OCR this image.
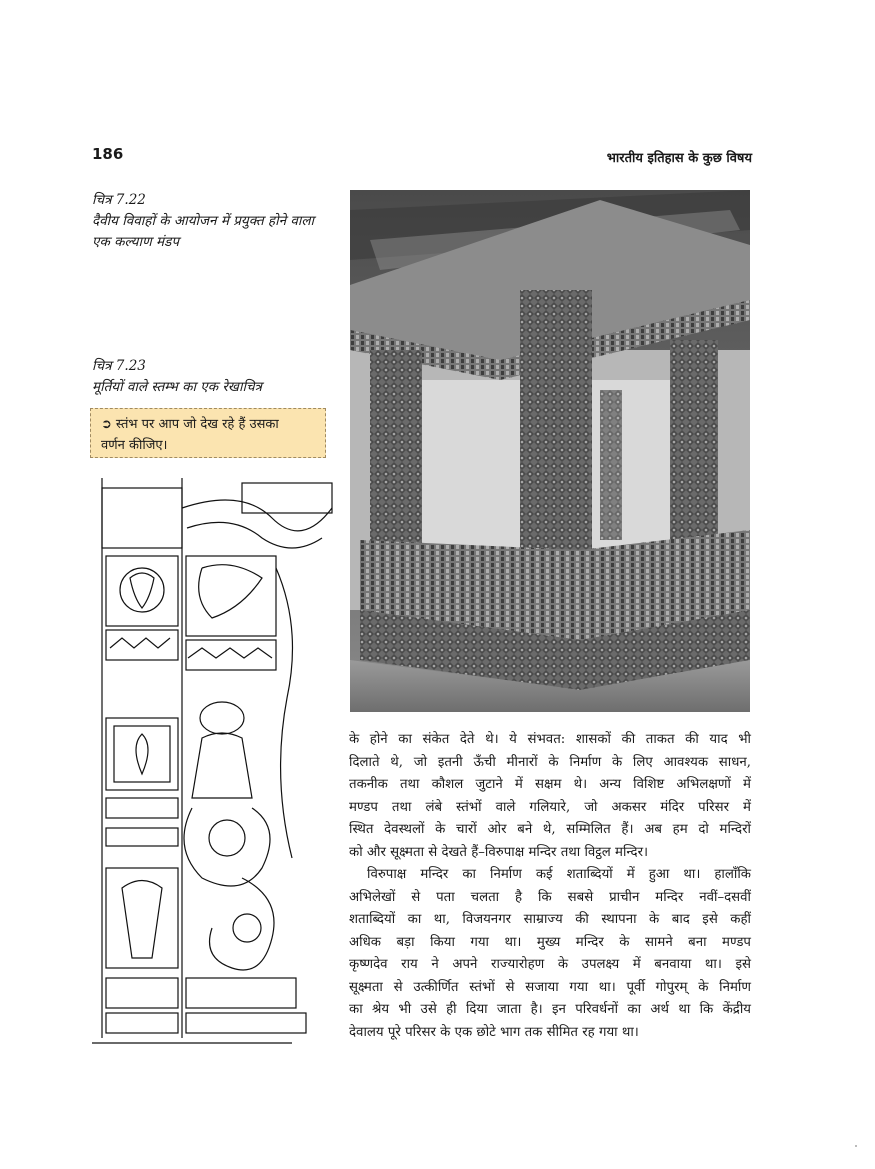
186	भारतीय इतिहास के कुछ विषय
चित्र 7.22
दैवीय विवाहों के आयोजन में प्रयुक्त होने वाला
एक कल्याण मंडप
चित्र 7.23
मूर्तियों वाले स्तम्भ का एक रेखाचित्र
➲ स्तंभ पर आप जो देख रहे हैं उसका
वर्णन कीजिए।

के होने का संकेत देते थे। ये संभवत: शासकों की ताकत की याद भी
दिलाते थे, जो इतनी ऊँची मीनारों के निर्माण के लिए आवश्यक साधन,
तकनीक तथा कौशल जुटाने में सक्षम थे। अन्य विशिष्ट अभिलक्षणों में
मण्डप तथा लंबे स्तंभों वाले गलियारे, जो अकसर मंदिर परिसर में
स्थित देवस्थलों के चारों ओर बने थे, सम्मिलित हैं। अब हम दो मन्दिरों
को और सूक्ष्मता से देखते हैं–विरुपाक्ष मन्दिर तथा विट्ठल मन्दिर।

विरुपाक्ष मन्दिर का निर्माण कई शताब्दियों में हुआ था। हालाँकि
अभिलेखों से पता चलता है कि सबसे प्राचीन मन्दिर नवीं–दसवीं
शताब्दियों का था, विजयनगर साम्राज्य की स्थापना के बाद इसे कहीं
अधिक बड़ा किया गया था। मुख्य मन्दिर के सामने बना मण्डप
कृष्णदेव राय ने अपने राज्यारोहण के उपलक्ष्य में बनवाया था। इसे
सूक्ष्मता से उत्कीर्णित स्तंभों से सजाया गया था। पूर्वी गोपुरम् के निर्माण
का श्रेय भी उसे ही दिया जाता है। इन परिवर्धनों का अर्थ था कि केंद्रीय
देवालय पूरे परिसर के एक छोटे भाग तक सीमित रह गया था।
